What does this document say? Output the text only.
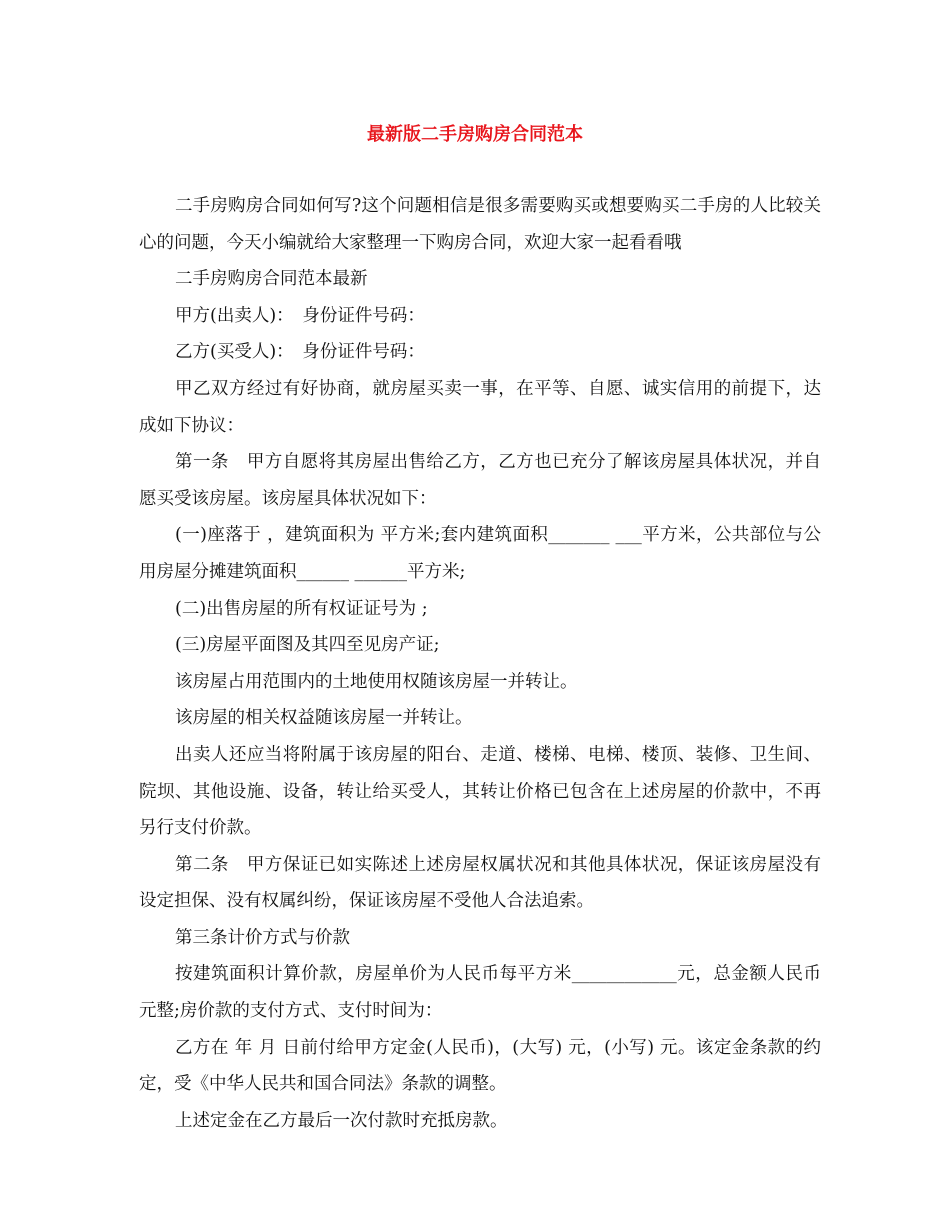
最新版二手房购房合同范本

二手房购房合同如何写?这个问题相信是很多需要购买或想要购买二手房的人比较关心的问题，今天小编就给大家整理一下购房合同，欢迎大家一起看看哦

二手房购房合同范本最新

甲方(出卖人)：　身份证件号码：

乙方(买受人)：　身份证件号码：

甲乙双方经过有好协商，就房屋买卖一事，在平等、自愿、诚实信用的前提下，达成如下协议：

第一条　甲方自愿将其房屋出售给乙方，乙方也已充分了解该房屋具体状况，并自愿买受该房屋。该房屋具体状况如下：

(一)座落于 ，建筑面积为 平方米;套内建筑面积_______ ___平方米，公共部位与公用房屋分摊建筑面积______ ______平方米;

(二)出售房屋的所有权证证号为 ;

(三)房屋平面图及其四至见房产证;

该房屋占用范围内的土地使用权随该房屋一并转让。

该房屋的相关权益随该房屋一并转让。

出卖人还应当将附属于该房屋的阳台、走道、楼梯、电梯、楼顶、装修、卫生间、院坝、其他设施、设备，转让给买受人，其转让价格已包含在上述房屋的价款中，不再另行支付价款。

第二条　甲方保证已如实陈述上述房屋权属状况和其他具体状况，保证该房屋没有设定担保、没有权属纠纷，保证该房屋不受他人合法追索。

第三条计价方式与价款

按建筑面积计算价款，房屋单价为人民币每平方米____________元，总金额人民币 元整;房价款的支付方式、支付时间为：

乙方在 年 月 日前付给甲方定金(人民币)，(大写) 元，(小写) 元。该定金条款的约定，受《中华人民共和国合同法》条款的调整。

上述定金在乙方最后一次付款时充抵房款。
